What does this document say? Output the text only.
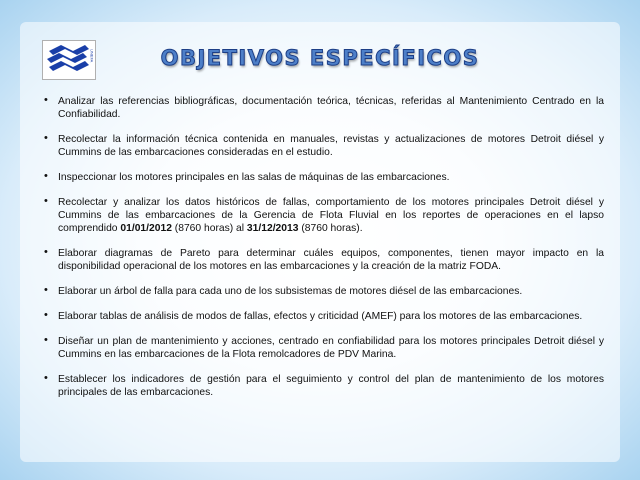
UNEFA	OBJETIVOS ESPECÍFICOS
• Analizar las referencias bibliográficas, documentación teórica, técnicas, referidas al Mantenimiento Centrado en la Confiabilidad.
• Recolectar la información técnica contenida en manuales, revistas y actualizaciones de motores Detroit diésel y Cummins de las embarcaciones consideradas en el estudio.
• Inspeccionar los motores principales en las salas de máquinas de las embarcaciones.
• Recolectar y analizar los datos históricos de fallas, comportamiento de los motores principales Detroit diésel y Cummins de las embarcaciones de la Gerencia de Flota Fluvial en los reportes de operaciones en el lapso comprendido 01/01/2012 (8760 horas) al 31/12/2013 (8760 horas).
• Elaborar diagramas de Pareto para determinar cuáles equipos, componentes, tienen mayor impacto en la disponibilidad operacional de los motores en las embarcaciones y la creación de la matriz FODA.
• Elaborar un árbol de falla para cada uno de los subsistemas de motores diésel de las embarcaciones.
• Elaborar tablas de análisis de modos de fallas, efectos y criticidad (AMEF) para los motores de las embarcaciones.
• Diseñar un plan de mantenimiento y acciones, centrado en confiabilidad para los motores principales Detroit diésel y Cummins en las embarcaciones de la Flota remolcadores de PDV Marina.
• Establecer los indicadores de gestión para el seguimiento y control del plan de mantenimiento de los motores principales de las embarcaciones.
